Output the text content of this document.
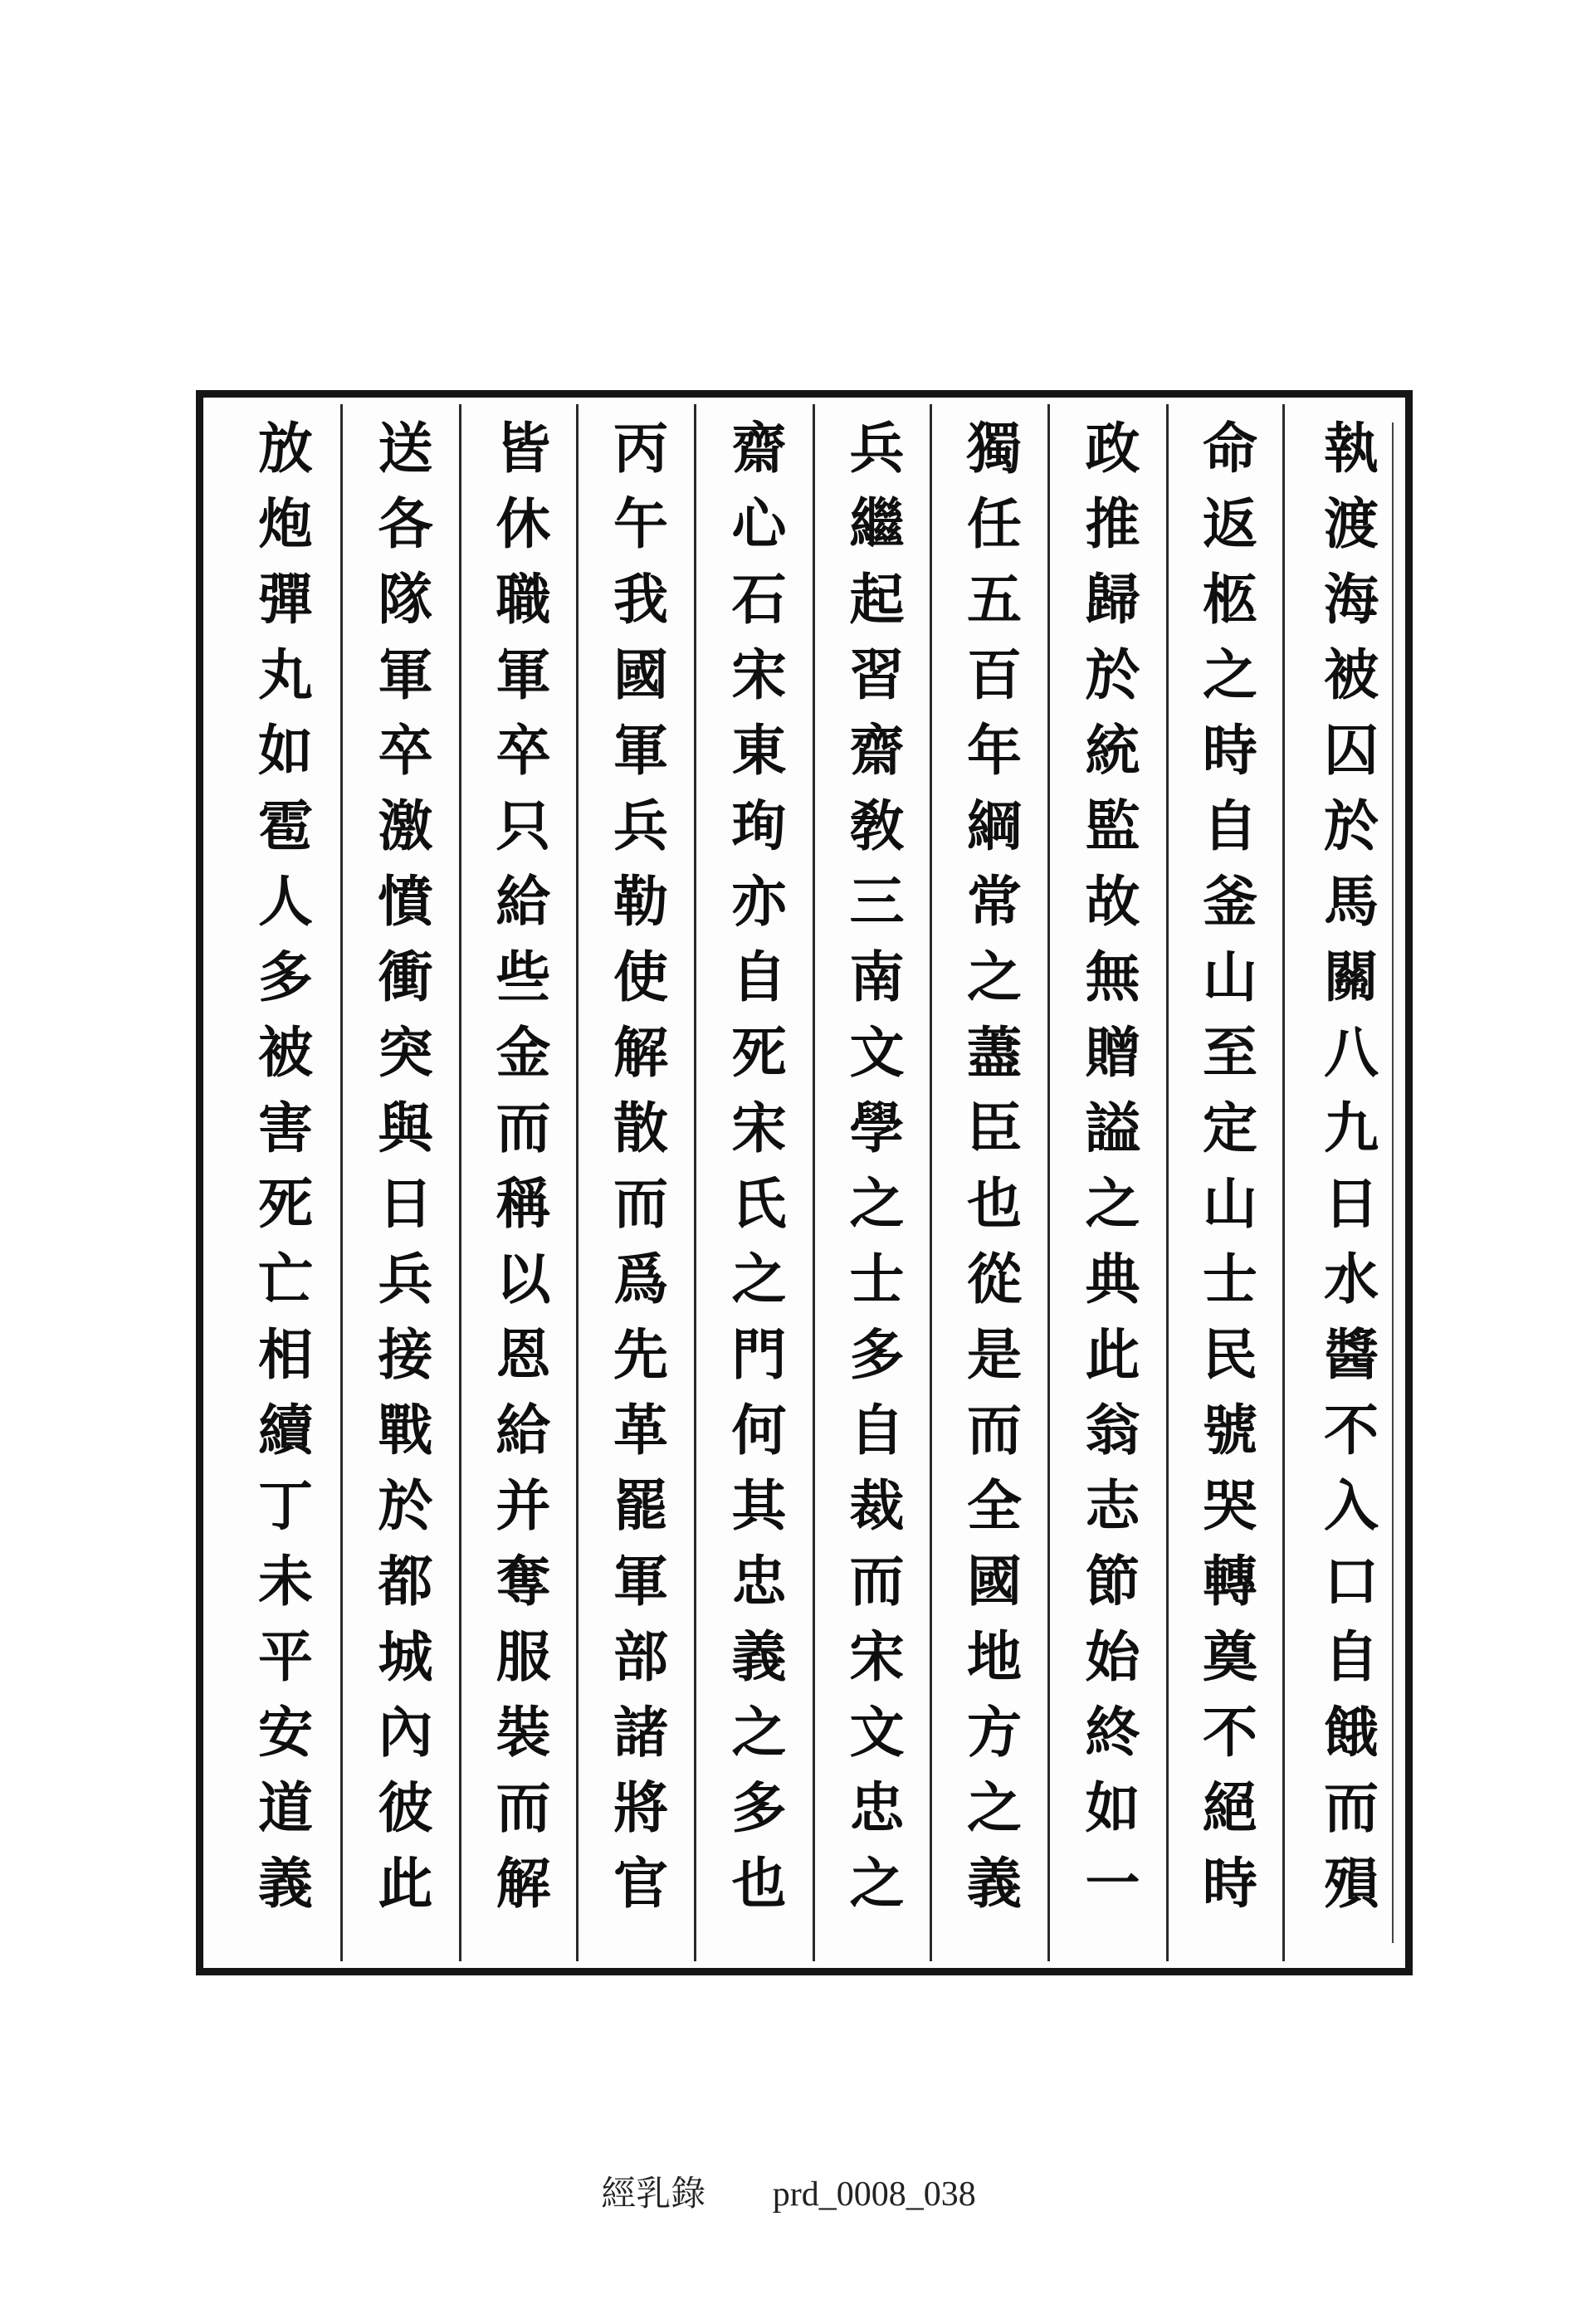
執渡海被囚於馬關八九日水醬不入口自餓而殞
命返柩之時自釜山至定山士民號哭轉奠不絕時
政推歸於統監故無贈謚之典此翁志節始終如一
獨任五百年綱常之藎臣也從是而全國地方之義
兵繼起習齋敎三南文學之士多自裁而宋文忠之
齋心石宋東珣亦自死宋氏之門何其忠義之多也
丙午我國軍兵勒使解散而爲先革罷軍部諸將官
皆休職軍卒只給些金而稱以恩給并奪服裝而解
送各隊軍卒激憤衝突與日兵接戰於都城內彼此
放炮彈丸如雹人多被害死亡相續丁未平安道義
經乳錄 prd_0008_038
